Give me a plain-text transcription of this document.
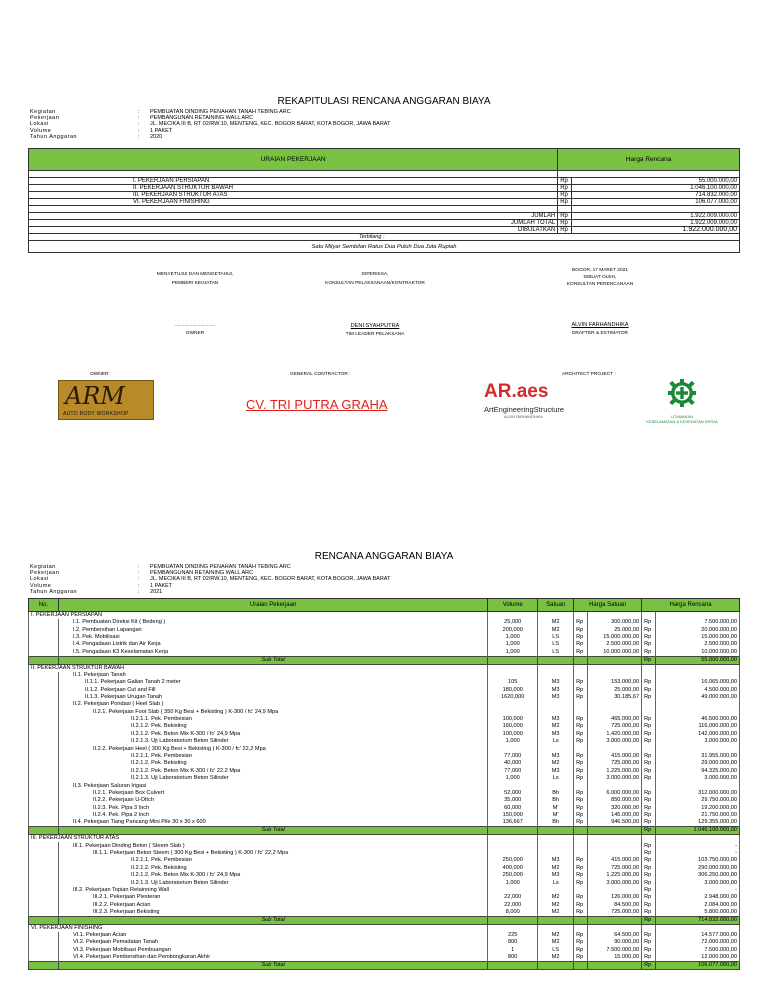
REKAPITULASI RENCANA ANGGARAN BIAYA
Kegiatan	:	PEMBUATAN DINDING PENAHAN TANAH TEBING ARC
Pekerjaan	:	PEMBANGUNAN RETAINING WALL ARC
Lokasi	:	JL. MECIKA III B, RT 02/RW.10, MENTENG, KEC. BOGOR BARAT, KOTA BOGOR, JAWA BARAT
Volume	:	1 PAKET
Tahun Anggaran	:	2020
URAIAN PEKERJAAN	Harga Rencana	

I. PEKERJAAN PERSIAPAN	Rp	55.000.000,00
II. PEKERJAAN STRUKTUR BAWAH	Rp	1.046.100.000,00
III. PEKERJAAN STRUKTUR ATAS	Rp	714.832.000,00
VI. PEKERJAAN FINISHING	Rp	106.077.000,00

JUMLAH	Rp	1.922.009.000,00
JUMLAH TOTAL	Rp	1.922.009.000,00
DIBULATKAN	Rp	1.922.000.000,00
Terbilang :		
Satu Milyar Sembilan Ratus Dua Puluh Dua Juta Rupiah		
MENYETUJUI DAN MENGETAHUI,
PEMBERI KEGIATAN
..............................
OWNER
DIPERIKSA,
KONSULTAN PELAKSANAAN/KONTRAKTOR
DENI SYAHPUTRA
TIM LEADER PELAKSANA
BOGOR, 17 MARET 2021
DIBUAT OLEH,
KONSULTAN PERENCANAAN
ALVIN FARHANDHIKA
DRAFTER & ESTIMATOR
OWNER:	GENERAL CONTRACTOR :	ARCHITECT PROJECT :
ARM
AUTO BODY WORKSHOP
CV. TRI PUTRA GRAHA
AR.aes
ArtEngineeringStructure
ALVIN FARHANDHIKA	UTAMAKAN
KESELAMATAN & KESEHATAN KERJA
RENCANA ANGGARAN BIAYA
Kegiatan	:	PEMBUATAN DINDING PENAHAN TANAH TEBING ARC
Pekerjaan	:	PEMBANGUNAN RETAINING WALL ARC
Lokasi	:	JL. MECIKA III B, RT 02/RW.10, MENTENG, KEC. BOGOR BARAT, KOTA BOGOR, JAWA BARAT
Volume	:	1 PAKET
Tahun Anggaran	:	2021
No.	Uraian Pekerjaan	Volume	Satuan	Harga Satuan		Harga Rencana	
I. PEKERJAAN PERSIAPAN							
	I.1. Pembuatan Direksi Kit ( Bedeng )	25,000	M2	Rp	300.000,00	Rp	7.500.000,00
	I.2. Pembersihan Lapangan	200,000	M2	Rp	25.000,00	Rp	20.000.000,00
	I.3. Pek. Mobilisasi	1,000	LS	Rp	15.000.000,00	Rp	15.000.000,00
	I.4. Pengadaan Listrik dan Air Kerja	1,000	LS	Rp	2.500.000,00	Rp	2.500.000,00
	I.5. Pengadaan K3 Keselamatan Kerja	1,000	LS	Rp	10.000.000,00	Rp	10.000.000,00
	Sub Total					Rp	55.000.000,00
II. PEKERJAAN STRUKTUR BAWAH							
	II.1. Pekerjaan Tanah						
	II.1.1. Pekerjaan Galian Tanah 2 meter	105	M3	Rp	153.000,00	Rp	16.065.000,00
	II.1.2. Pekerjaan Cut and Fill	180,000	M3	Rp	25.000,00	Rp	4.500.000,00
	II.1.3. Pekerjaan Urugan Tanah	1620,000	M3	Rp	30.185,67	Rp	49.000.000,00
	II.2. Pekerjaan Pondasi ( Heel Slab )						
	II.2.1. Pekerjaan Foot Slab ( 350 Kg Besi + Bekisting ) K-300 / fc' 24,9 Mpa						
	II.2.1.1. Pek. Pembesian	100,000	M3	Rp	465.000,00	Rp	46.500.000,00
	II.2.1.2. Pek. Bekisting	160,000	M2	Rp	725.000,00	Rp	116.000.000,00
	II.2.1.2. Pek. Beton Mix K-300 / fc' 24,9 Mpa	100,000	M3	Rp	1.420.000,00	Rp	142.000.000,00
	II.2.1.3. Uji Laboratorium Beton Silinder	1,000	Ls	Rp	3.000.000,00	Rp	3.000.000,00
	II.2.2. Pekerjaan Heel ( 300 Kg Besi + Bekisting ) K-300 / fc' 22,2 Mpa						
	II.2.1.1. Pek. Pembesian	77,000	M3	Rp	415.000,00	Rp	31.955.000,00
	II.2.1.2. Pek. Bekisting	40,000	M2	Rp	725.000,00	Rp	29.000.000,00
	II.2.1.2. Pek. Beton Mix K-300 / fc' 22,2 Mpa	77,000	M3	Rp	1.225.000,00	Rp	94.325.000,00
	II.2.1.3. Uji Laboratorium Beton Silinder	1,000	Ls	Rp	3.000.000,00	Rp	3.000.000,00
	II.3. Pekerjaan Saluran Irigasi						
	II.2.1. Pekerjaan Box Culvert	52,000	Bh	Rp	6.000.000,00	Rp	312.000.000,00
	II.2.2. Pekerjaan U-Ditch	35,000	Bh	Rp	850.000,00	Rp	29.750.000,00
	II.2.3. Pek. Pipa 3 Inch	60,000	M'	Rp	320.000,00	Rp	19.200.000,00
	II.2.4. Pek. Pipa 2 Inch	150,000	M'	Rp	145.000,00	Rp	21.750.000,00
	II.4. Pekerjaan Tiang Pancang Mini Pile 30 x 30 x 600	136,667	Bh	Rp	946.500,00	Rp	129.355.000,00
	Sub Total					Rp	1.046.100.000,00
III. PEKERJAAN STRUKTUR ATAS							
	III.1. Pekerjaan Dinding Beton ( Steem Slab )					Rp	-
	III.1.1. Pekerjaan Beton Steem ( 300 Kg Besi + Bekisting ) K-300 / fc' 22,2 Mpa					Rp	-
	II.2.1.1. Pek. Pembesian	250,000	M3	Rp	415.000,00	Rp	103.750.000,00
	II.2.1.2. Pek. Bekisting	400,000	M2	Rp	725.000,00	Rp	290.000.000,00
	II.2.1.2. Pek. Beton Mix K-300 / fc' 24,9 Mpa	250,000	M3	Rp	1.225.000,00	Rp	306.250.000,00
	II.2.1.3. Uji Laboratorium Beton Silinder	1,000	Ls	Rp	3.000.000,00	Rp	3.000.000,00
	III.2. Pekerjaan Topian Retainning Wall					Rp	-
	III.2.1. Pekerjaan Plesteran	22,000	M2	Rp	126.000,00	Rp	2.948.000,00
	III.2.2. Pekerjaan Acian	22,000	M2	Rp	84.500,00	Rp	2.084.000,00
	III.2.3. Pekerjaan Bekisting	8,000	M2	Rp	725.000,00	Rp	5.800.000,00
	Sub Total					Rp	714.832.000,00
VI. PEKERJAAN FINISHING							
	VI.1. Pekerjaan Acian	225	M2	Rp	64.500,00	Rp	14.577.000,00
	VI.2. Pekerjaan Pemadatan Tanah	800	M2	Rp	90.000,00	Rp	72.000.000,00
	VI.3. Pekerjaan Mobilsasi Pembuangan	1	LS	Rp	7.500.000,00	Rp	7.500.000,00
	VI.4. Pekerjaan Pembersihan dan Pembongkaran Akhir	800	M2	Rp	15.000,00	Rp	12.000.000,00
	Sub Total					Rp	106.077.000,00
